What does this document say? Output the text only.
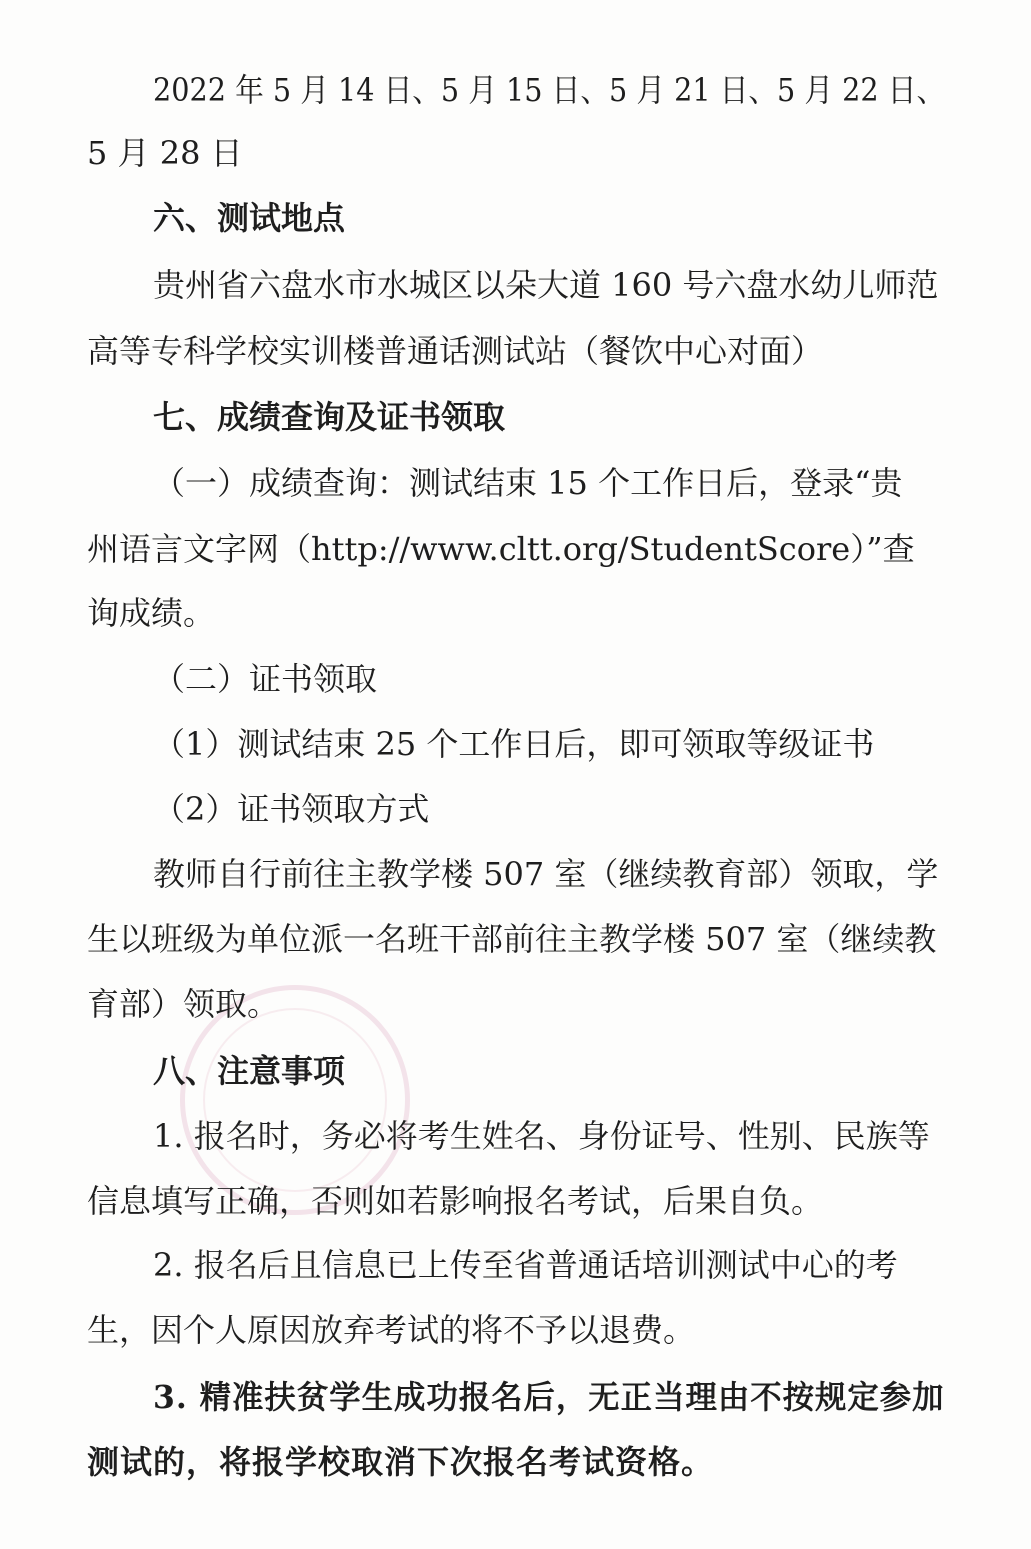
2022 年 5 月 14 日、5 月 15 日、5 月 21 日、5 月 22 日、
5 月 28 日
六、测试地点
贵州省六盘水市水城区以朵大道 160 号六盘水幼儿师范
高等专科学校实训楼普通话测试站（餐饮中心对面）
七、成绩查询及证书领取
（一）成绩查询：测试结束 15 个工作日后，登录“贵
州语言文字网（http://www.cltt.org/StudentScore）”查
询成绩。
（二）证书领取
（1）测试结束 25 个工作日后，即可领取等级证书
（2）证书领取方式
教师自行前往主教学楼 507 室（继续教育部）领取，学
生以班级为单位派一名班干部前往主教学楼 507 室（继续教
育部）领取。
八、注意事项
1. 报名时，务必将考生姓名、身份证号、性别、民族等
信息填写正确，否则如若影响报名考试，后果自负。
2. 报名后且信息已上传至省普通话培训测试中心的考
生，因个人原因放弃考试的将不予以退费。
3. 精准扶贫学生成功报名后，无正当理由不按规定参加
测试的，将报学校取消下次报名考试资格。
